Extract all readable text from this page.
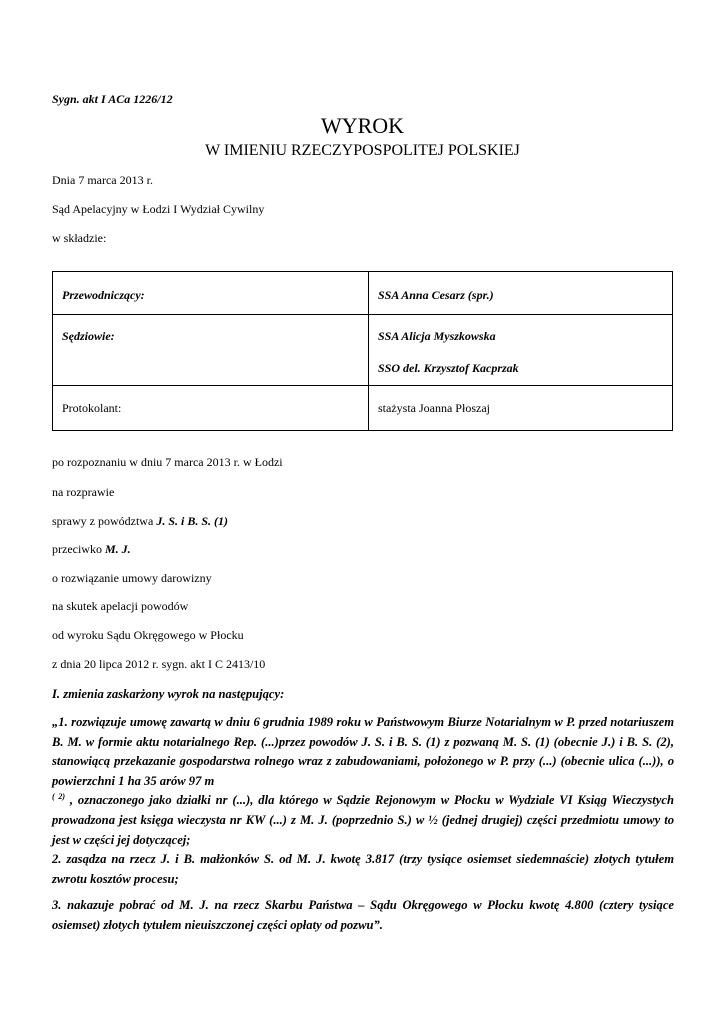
Sygn. akt I ACa 1226/12
WYROK
W IMIENIU RZECZYPOSPOLITEJ POLSKIEJ
Dnia 7 marca 2013 r.
Sąd Apelacyjny w Łodzi I Wydział Cywilny
w składzie:
Przewodniczący:	SSA Anna Cesarz (spr.)

Sędziowie:	SSA Alicja Myszkowska
SSO del. Krzysztof Kacprzak

Protokolant:	stażysta Joanna Płoszaj
po rozpoznaniu w dniu 7 marca 2013 r. w Łodzi
na rozprawie
sprawy z powództwa J. S. i B. S. (1)
przeciwko M. J.
o rozwiązanie umowy darowizny
na skutek apelacji powodów
od wyroku Sądu Okręgowego w Płocku
z dnia 20 lipca 2012 r. sygn. akt I C 2413/10
I. zmienia zaskarżony wyrok na następujący:
„1. rozwiązuje umowę zawartą w dniu 6 grudnia 1989 roku w Państwowym Biurze Notarialnym w P. przed notariuszem B. M. w formie aktu notarialnego Rep. (...)przez powodów J. S. i B. S. (1) z pozwaną M. S. (1) (obecnie J.) i B. S. (2), stanowiącą przekazanie gospodarstwa rolnego wraz z zabudowaniami, położonego w P. przy (...) (obecnie ulica (...)), o powierzchni 1 ha 35 arów 97 m
$^{( 2)}$ , oznaczonego jako działki nr (...), dla którego w Sądzie Rejonowym w Płocku w Wydziale VI Ksiąg Wieczystych prowadzona jest księga wieczysta nr KW (...) z M. J. (poprzednio S.) w ½ (jednej drugiej) części przedmiotu umowy to jest w części jej dotyczącej;
2. zasądza na rzecz J. i B. małżonków S. od M. J. kwotę 3.817 (trzy tysiące osiemset siedemnaście) złotych tytułem zwrotu kosztów procesu;
3. nakazuje pobrać od M. J. na rzecz Skarbu Państwa – Sądu Okręgowego w Płocku kwotę 4.800 (cztery tysiące osiemset) złotych tytułem nieuiszczonej części opłaty od pozwu”.
